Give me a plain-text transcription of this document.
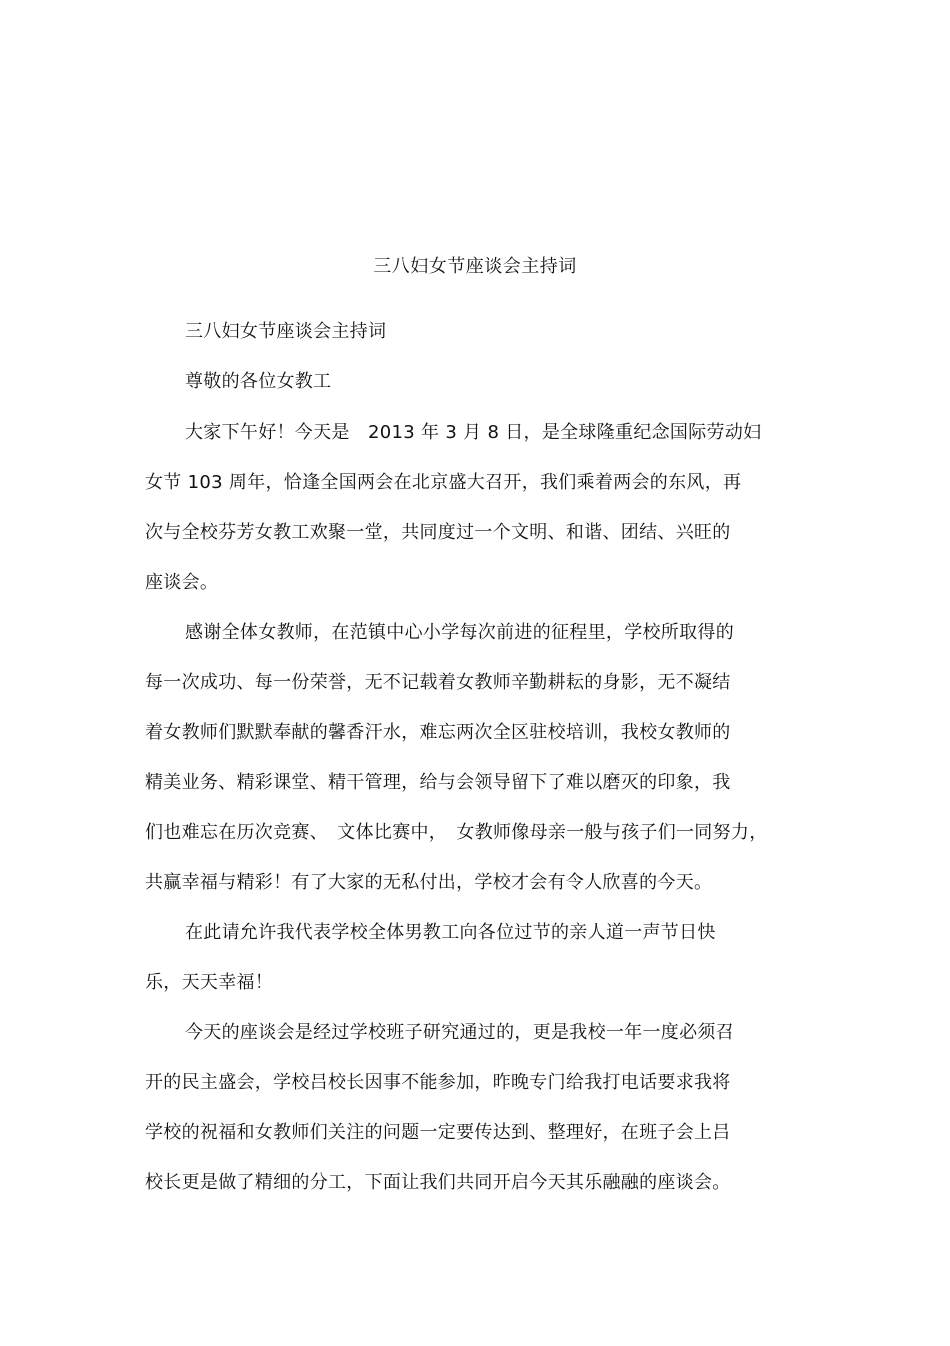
三八妇女节座谈会主持词
三八妇女节座谈会主持词
尊敬的各位女教工
大家下午好！今天是　2013 年 3 月 8 日，是全球隆重纪念国际劳动妇
女节 103 周年，恰逢全国两会在北京盛大召开，我们乘着两会的东风，再
次与全校芬芳女教工欢聚一堂，共同度过一个文明、和谐、团结、兴旺的
座谈会。
感谢全体女教师，在范镇中心小学每次前进的征程里，学校所取得的
每一次成功、每一份荣誉，无不记载着女教师辛勤耕耘的身影，无不凝结
着女教师们默默奉献的馨香汗水，难忘两次全区驻校培训，我校女教师的
精美业务、精彩课堂、精干管理，给与会领导留下了难以磨灭的印象，我
们也难忘在历次竞赛、　文体比赛中，　女教师像母亲一般与孩子们一同努力，
共赢幸福与精彩！有了大家的无私付出，学校才会有令人欣喜的今天。
在此请允许我代表学校全体男教工向各位过节的亲人道一声节日快
乐，天天幸福！
今天的座谈会是经过学校班子研究通过的，更是我校一年一度必须召
开的民主盛会，学校吕校长因事不能参加，昨晚专门给我打电话要求我将
学校的祝福和女教师们关注的问题一定要传达到、整理好，在班子会上吕
校长更是做了精细的分工，下面让我们共同开启今天其乐融融的座谈会。
